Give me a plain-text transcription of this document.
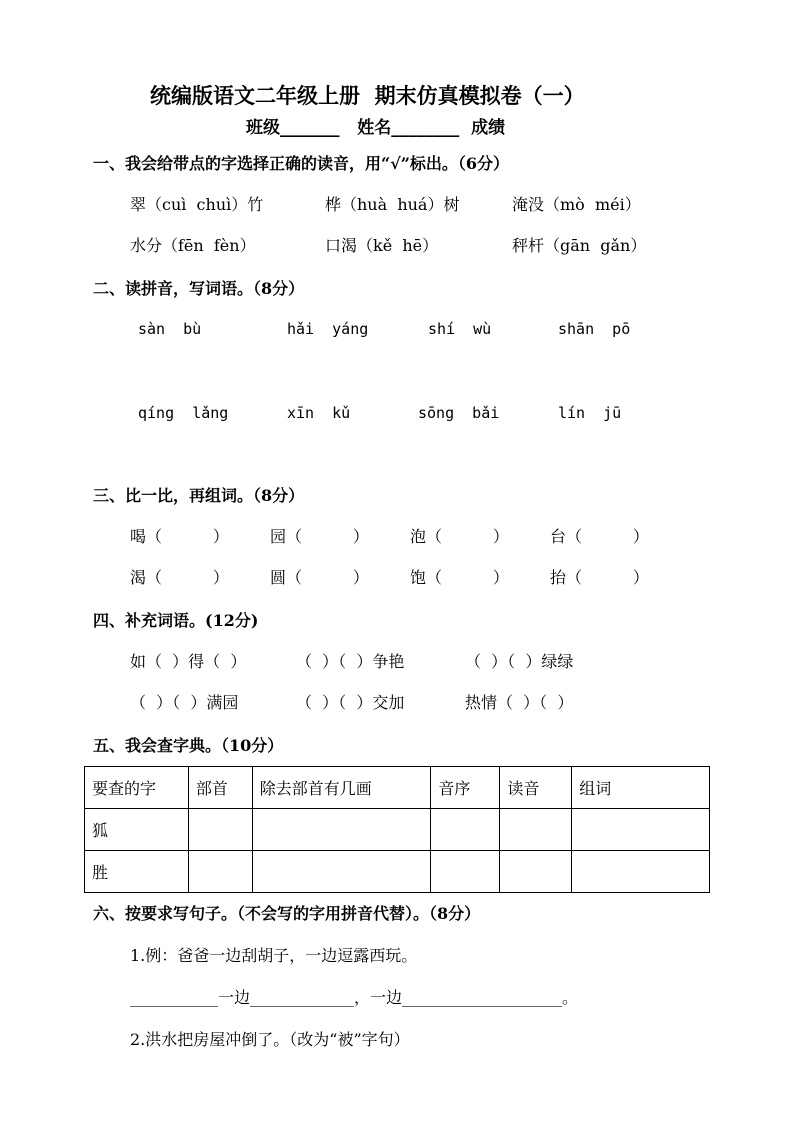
统编版语文二年级上册  期末仿真模拟卷（一）
班级_______   姓名________  成绩
一、我会给带点的字选择正确的读音，用“√”标出。（6分）
翠（cuì  chuì）竹	桦（huà  huá）树	淹没（mò  méi）
水分（fēn  fèn）	口渴（kě  hē）	秤杆（gān  gǎn）
二、读拼音，写词语。（8分）
sàn  bù	hǎi  yáng	shí  wù	shān  pō
qíng  lǎng	xīn  kǔ	sōng  bǎi	lín  jū
三、比一比，再组词。（8分）
喝（          ）	园（          ）	泡（          ）	台（          ）
渴（          ）	圆（          ）	饱（          ）	抬（          ）
四、补充词语。(12分)
如（  ）得（  ）	（  ）（  ）争艳	（  ）（  ）绿绿
（  ）（  ）满园	（  ）（  ）交加	热情（  ）（  ）
五、我会查字典。（10分）
要查的字	部首	除去部首有几画	音序	读音	组词
狐					
胜					
六、按要求写句子。（不会写的字用拼音代替）。（8分）
1.例：爸爸一边刮胡子，一边逗露西玩。
___________一边_____________，一边____________________。
2.洪水把房屋冲倒了。（改为“被”字句）
